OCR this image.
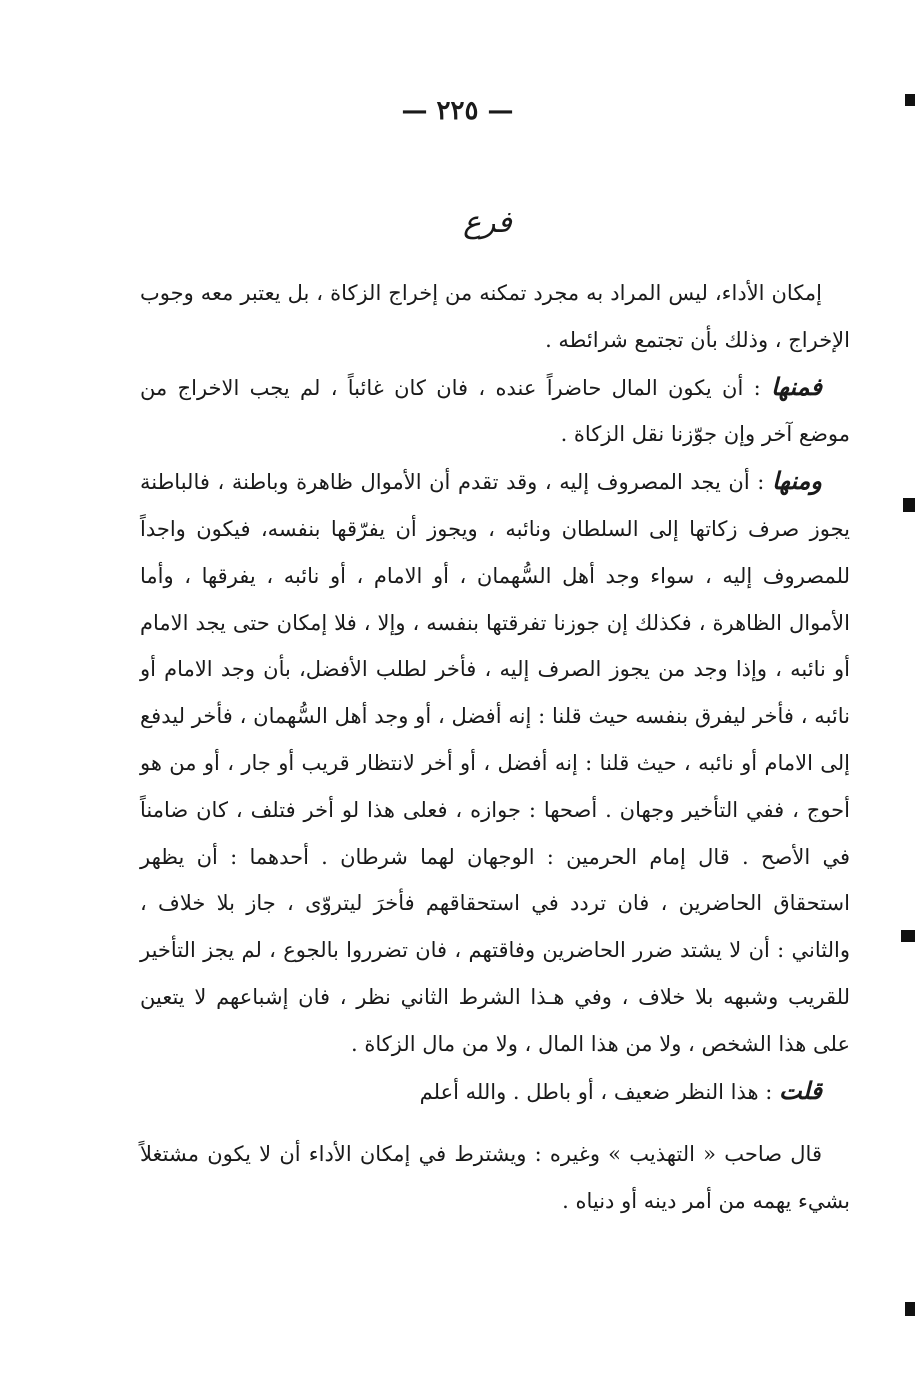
— ٢٢٥ —
فرع

إمكان الأداء، ليس المراد به مجرد تمكنه من إخراج الزكاة ، بل يعتبر معه وجوب الإخراج ، وذلك بأن تجتمع شرائطه .

فمنها : أن يكون المال حاضراً عنده ، فان كان غائباً ، لم يجب الاخراج من موضع آخر وإن جوّزنا نقل الزكاة .

ومنها : أن يجد المصروف إليه ، وقد تقدم أن الأموال ظاهرة وباطنة ، فالباطنة يجوز صرف زكاتها إلى السلطان ونائبه ، ويجوز أن يفرّقها بنفسه، فيكون واجداً للمصروف إليه ، سواء وجد أهل السُّهمان ، أو الامام ، أو نائبه ، يفرقها ، وأما الأموال الظاهرة ، فكذلك إن جوزنا تفرقتها بنفسه ، وإلا ، فلا إمكان حتى يجد الامام أو نائبه ، وإذا وجد من يجوز الصرف إليه ، فأخر لطلب الأفضل، بأن وجد الامام أو نائبه ، فأخر ليفرق بنفسه حيث قلنا : إنه أفضل ، أو وجد أهل السُّهمان ، فأخر ليدفع إلى الامام أو نائبه ، حيث قلنا : إنه أفضل ، أو أخر لانتظار قريب أو جار ، أو من هو أحوج ، ففي التأخير وجهان . أصحها : جوازه ، فعلى هذا لو أخر فتلف ، كان ضامناً في الأصح . قال إمام الحرمين : الوجهان لهما شرطان . أحدهما : أن يظهر استحقاق الحاضرين ، فان تردد في استحقاقهم فأخرَ ليتروّى ، جاز بلا خلاف ، والثاني : أن لا يشتد ضرر الحاضرين وفاقتهم ، فان تضرروا بالجوع ، لم يجز التأخير للقريب وشبهه بلا خلاف ، وفي هـذا الشرط الثاني نظر ، فان إشباعهم لا يتعين على هذا الشخص ، ولا من هذا المال ، ولا من مال الزكاة .

قلت : هذا النظر ضعيف ، أو باطل . والله أعلم

قال صاحب « التهذيب » وغيره : ويشترط في إمكان الأداء أن لا يكون مشتغلاً بشيء يهمه من أمر دينه أو دنياه .
